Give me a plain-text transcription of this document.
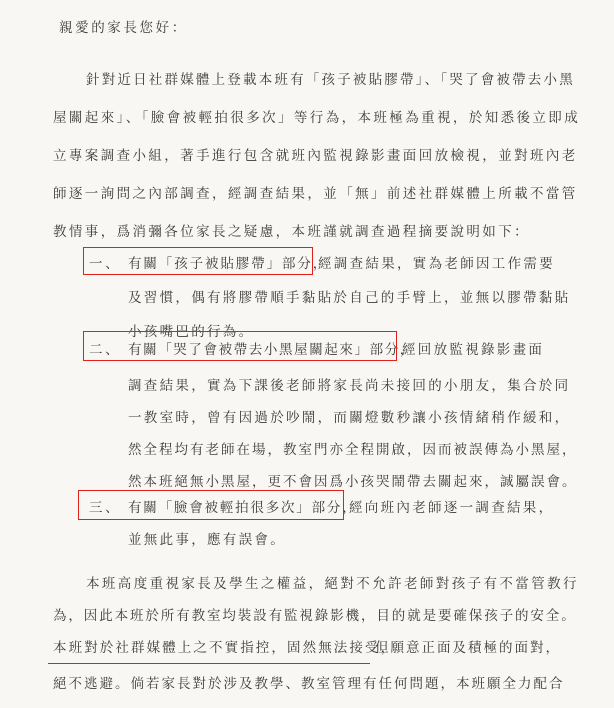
親愛的家長您好：
針對近日社群媒體上登載本班有「孩子被貼膠帶」、「哭了會被帶去小黑
屋關起來」、「臉會被輕拍很多次」等行為，本班極為重視，於知悉後立即成
立專案調查小組，著手進行包含就班內監視錄影畫面回放檢視，並對班內老
師逐一詢問之內部調查，經調查結果，並「無」前述社群媒體上所載不當管
教情事，爲消彌各位家長之疑慮，本班謹就調查過程摘要說明如下：
一、 有關「孩子被貼膠帶」部分，
經調查結果，實為老師因工作需要
及習慣，偶有將膠帶順手黏貼於自己的手臂上，並無以膠帶黏貼
小孩嘴巴的行為。
二、 有關「哭了會被帶去小黑屋關起來」部分，
經回放監視錄影畫面
調查結果，實為下課後老師將家長尚未接回的小朋友，集合於同
一教室時，曾有因過於吵鬧，而關燈數秒讓小孩情緒稍作緩和，
然全程均有老師在場，教室門亦全程開啟，因而被誤傳為小黑屋，
然本班絕無小黑屋，更不會因爲小孩哭鬧帶去關起來，誠屬誤會。
三、 有關「臉會被輕拍很多次」部分，
經向班內老師逐一調查結果，
並無此事，應有誤會。
本班高度重視家長及學生之權益，絕對不允許老師對孩子有不當管教行
為，因此本班於所有教室均裝設有監視錄影機，目的就是要確保孩子的安全。
本班對於社群媒體上之不實指控，固然無法接受，
但願意正面及積極的面對，
絕不逃避。倘若家長對於涉及教學、教室管理有任何問題，本班願全力配合
